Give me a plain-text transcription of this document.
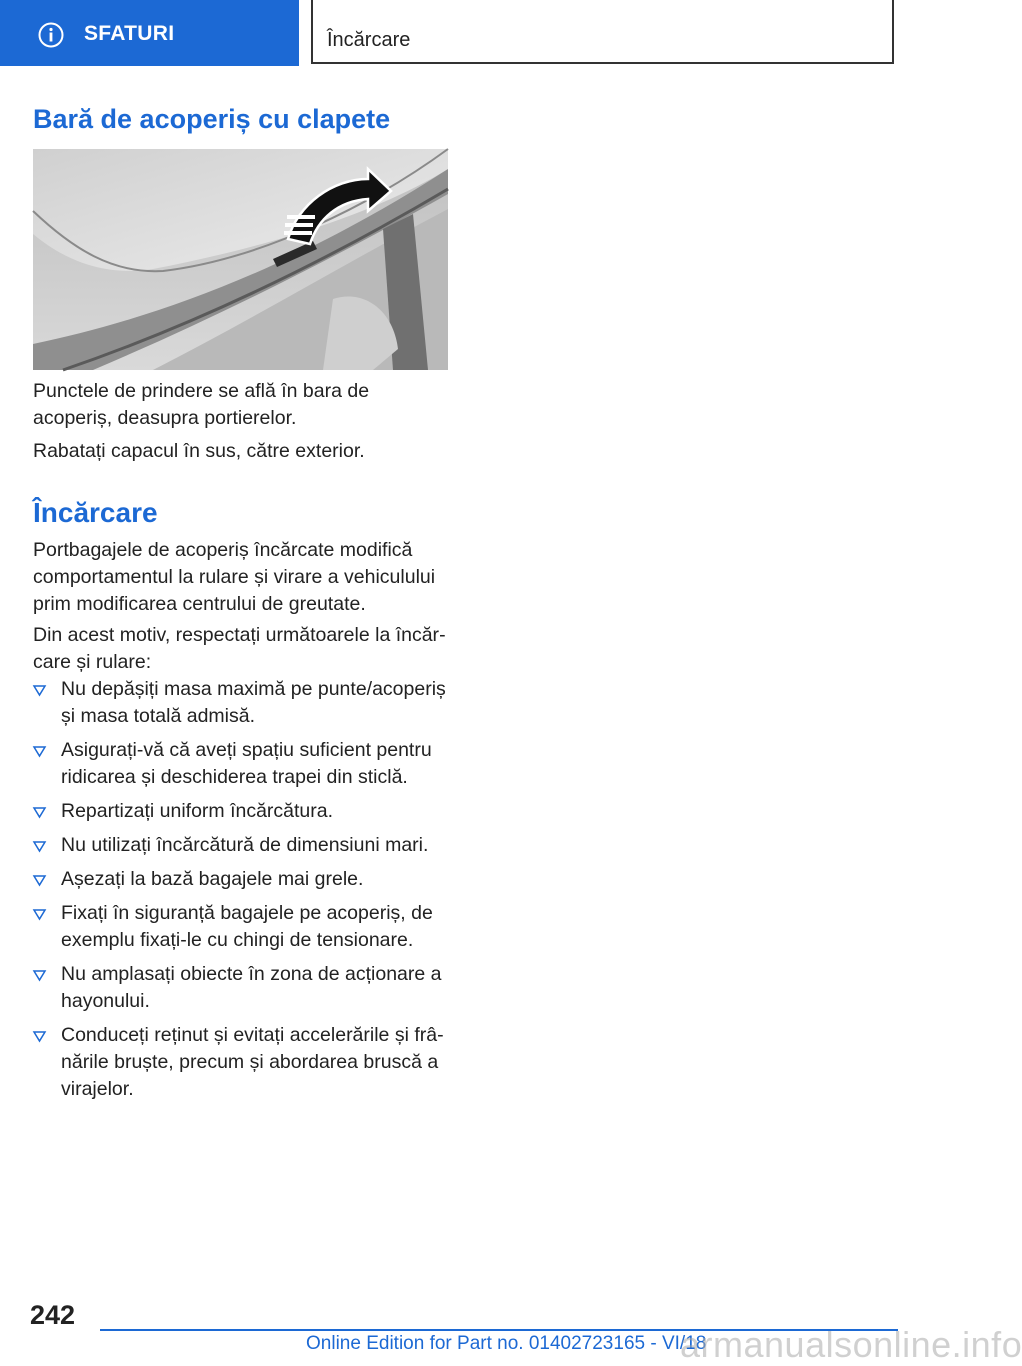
SFATURI	Încărcare
Bară de acoperiș cu clapete

Punctele de prindere se află în bara de acoperiș, deasupra portierelor.

Rabatați capacul în sus, către exterior.

Încărcare

Portbagajele de acoperiș încărcate modifică comportamentul la rulare și virare a vehiculului prim modificarea centrului de greutate.

Din acest motiv, respectați următoarele la încărcare și rulare:

Nu depășiți masa maximă pe punte/acoperiș și masa totală admisă.
Asigurați-vă că aveți spațiu suficient pentru ridicarea și deschiderea trapei din sticlă.
Repartizați uniform încărcătura.
Nu utilizați încărcătură de dimensiuni mari.
Așezați la bază bagajele mai grele.
Fixați în siguranță bagajele pe acoperiș, de exemplu fixați-le cu chingi de tensionare.
Nu amplasați obiecte în zona de acționare a hayonului.
Conduceți reținut și evitați accelerările și frânările bruște, precum și abordarea bruscă a virajelor.
242
Online Edition for Part no. 01402723165 - VI/18
armanualsonline.info
